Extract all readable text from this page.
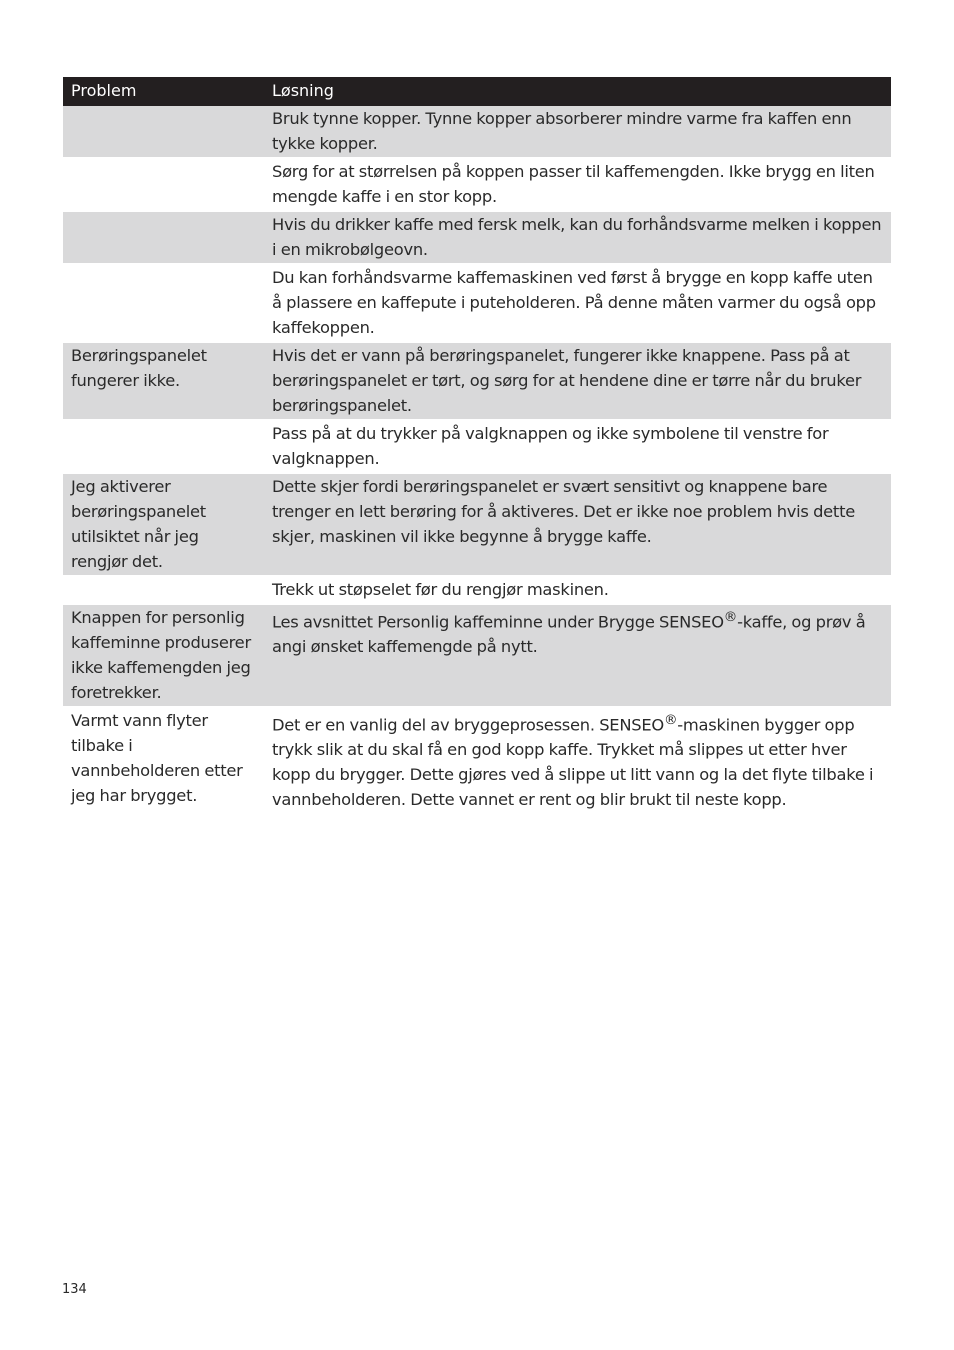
Problem	Løsning
	Bruk tynne kopper. Tynne kopper absorberer mindre varme fra kaffen enn tykke kopper.
	Sørg for at størrelsen på koppen passer til kaffemengden. Ikke brygg en liten mengde kaffe i en stor kopp.
	Hvis du drikker kaffe med fersk melk, kan du forhåndsvarme melken i koppen i en mikrobølgeovn.
	Du kan forhåndsvarme kaffemaskinen ved først å brygge en kopp kaffe uten å plassere en kaffepute i puteholderen. På denne måten varmer du også opp kaffekoppen.
Berøringspanelet fungerer ikke.	Hvis det er vann på berøringspanelet, fungerer ikke knappene. Pass på at berøringspanelet er tørt, og sørg for at hendene dine er tørre når du bruker berøringspanelet.
	Pass på at du trykker på valgknappen og ikke symbolene til venstre for valgknappen.
Jeg aktiverer berøringspanelet utilsiktet når jeg rengjør det.	Dette skjer fordi berøringspanelet er svært sensitivt og knappene bare trenger en lett berøring for å aktiveres. Det er ikke noe problem hvis dette skjer, maskinen vil ikke begynne å brygge kaffe.
	Trekk ut støpselet før du rengjør maskinen.
Knappen for personlig kaffeminne produserer ikke kaffemengden jeg foretrekker.	Les avsnittet Personlig kaffeminne under Brygge SENSEO®-kaffe, og prøv å angi ønsket kaffemengde på nytt.
Varmt vann flyter tilbake i vannbeholderen etter jeg har brygget.	Det er en vanlig del av bryggeprosessen. SENSEO®-maskinen bygger opp trykk slik at du skal få en god kopp kaffe. Trykket må slippes ut etter hver kopp du brygger. Dette gjøres ved å slippe ut litt vann og la det flyte tilbake i vannbeholderen. Dette vannet er rent og blir brukt til neste kopp.
134
